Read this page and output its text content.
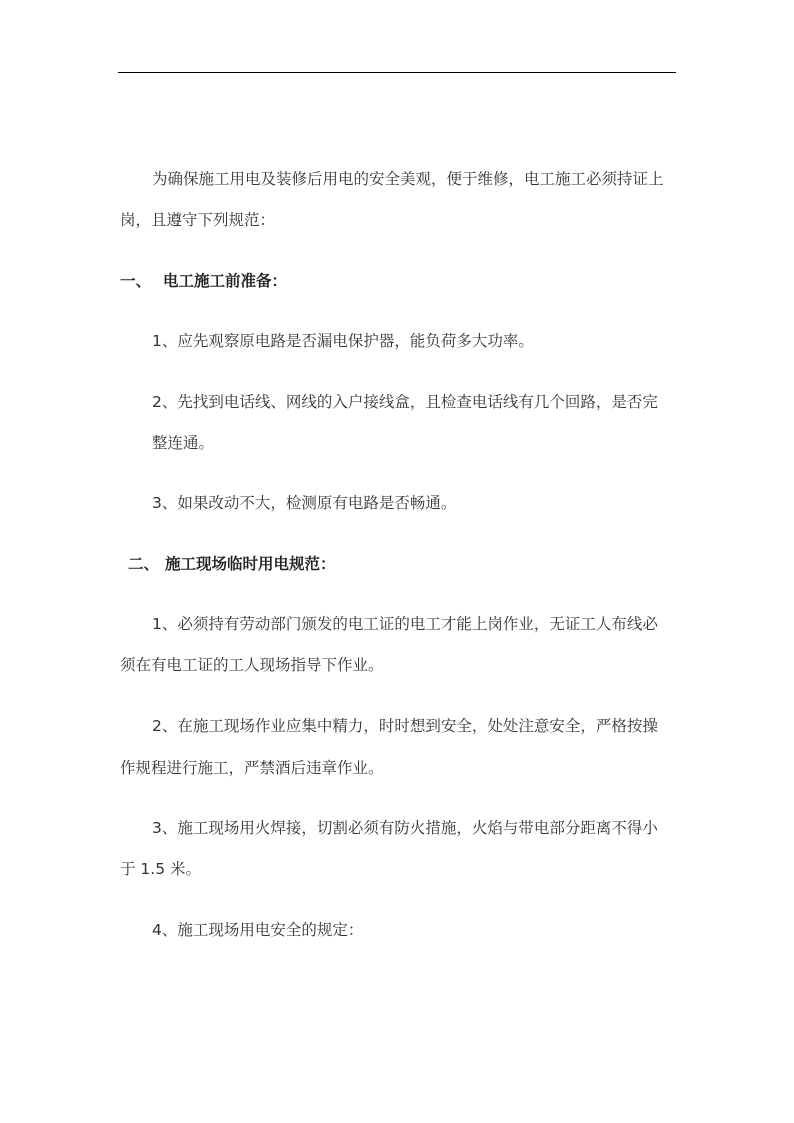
为确保施工用电及装修后用电的安全美观，便于维修，电工施工必须持证上
岗，且遵守下列规范：
一、 电工施工前准备：
1、应先观察原电路是否漏电保护器，能负荷多大功率。
2、先找到电话线、网线的入户接线盒，且检查电话线有几个回路，是否完
整连通。
3、如果改动不大，检测原有电路是否畅通。
二、 施工现场临时用电规范：
1、必须持有劳动部门颁发的电工证的电工才能上岗作业，无证工人布线必
须在有电工证的工人现场指导下作业。
2、在施工现场作业应集中精力，时时想到安全，处处注意安全，严格按操
作规程进行施工，严禁酒后违章作业。
3、施工现场用火焊接，切割必须有防火措施，火焰与带电部分距离不得小
于 1.5 米。
4、施工现场用电安全的规定：
